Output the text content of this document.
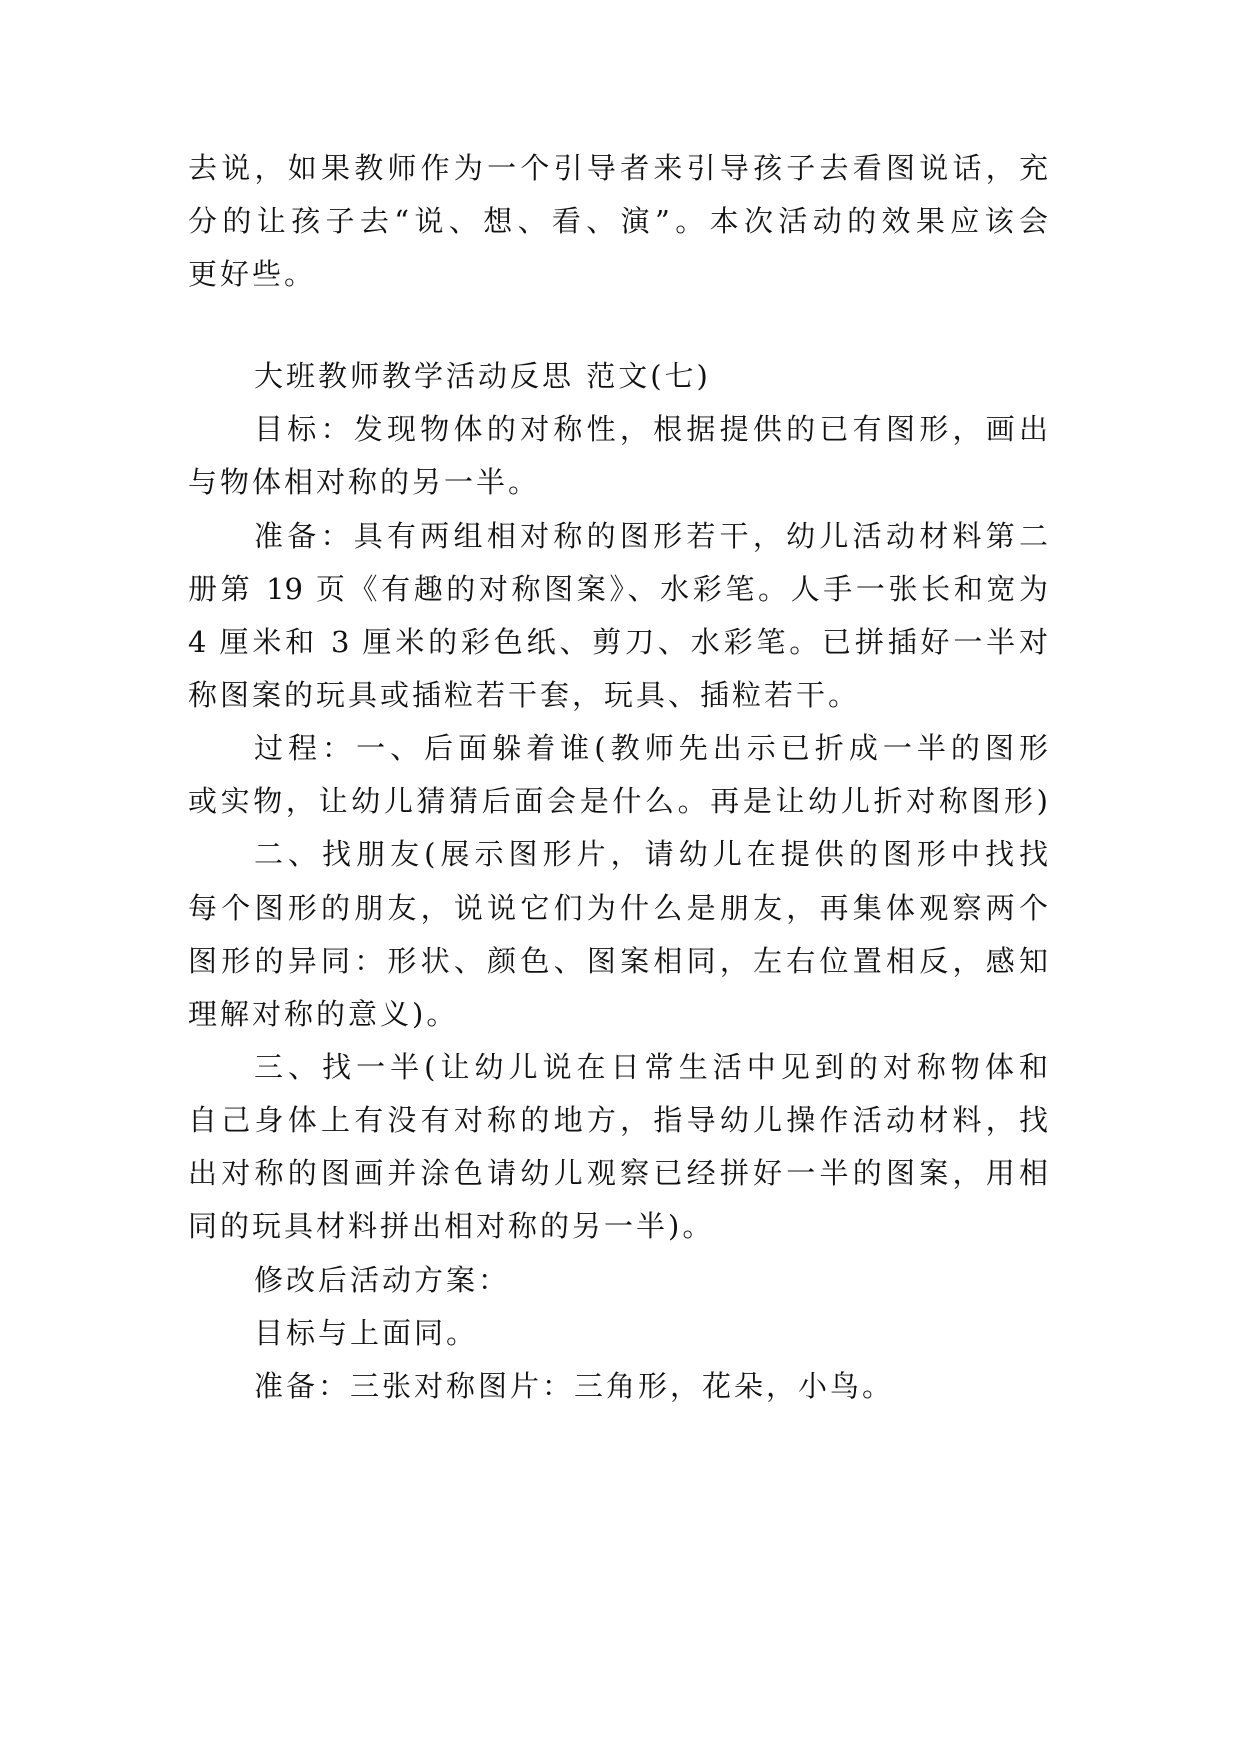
去说，如果教师作为一个引导者来引导孩子去看图说话，充
分的让孩子去“说、想、看、演”。本次活动的效果应该会
更好些。
大班教师教学活动反思 范文(七)
目标：发现物体的对称性，根据提供的已有图形，画出
与物体相对称的另一半。
准备：具有两组相对称的图形若干，幼儿活动材料第二
册第 19 页《有趣的对称图案》、水彩笔。人手一张长和宽为
4 厘米和 3 厘米的彩色纸、剪刀、水彩笔。已拼插好一半对
称图案的玩具或插粒若干套，玩具、插粒若干。
过程：一、后面躲着谁(教师先出示已折成一半的图形
或实物，让幼儿猜猜后面会是什么。再是让幼儿折对称图形)
二、找朋友(展示图形片，请幼儿在提供的图形中找找
每个图形的朋友，说说它们为什么是朋友，再集体观察两个
图形的异同：形状、颜色、图案相同，左右位置相反，感知
理解对称的意义)。
三、找一半(让幼儿说在日常生活中见到的对称物体和
自己身体上有没有对称的地方，指导幼儿操作活动材料，找
出对称的图画并涂色请幼儿观察已经拼好一半的图案，用相
同的玩具材料拼出相对称的另一半)。
修改后活动方案：
目标与上面同。
准备：三张对称图片：三角形，花朵，小鸟。
